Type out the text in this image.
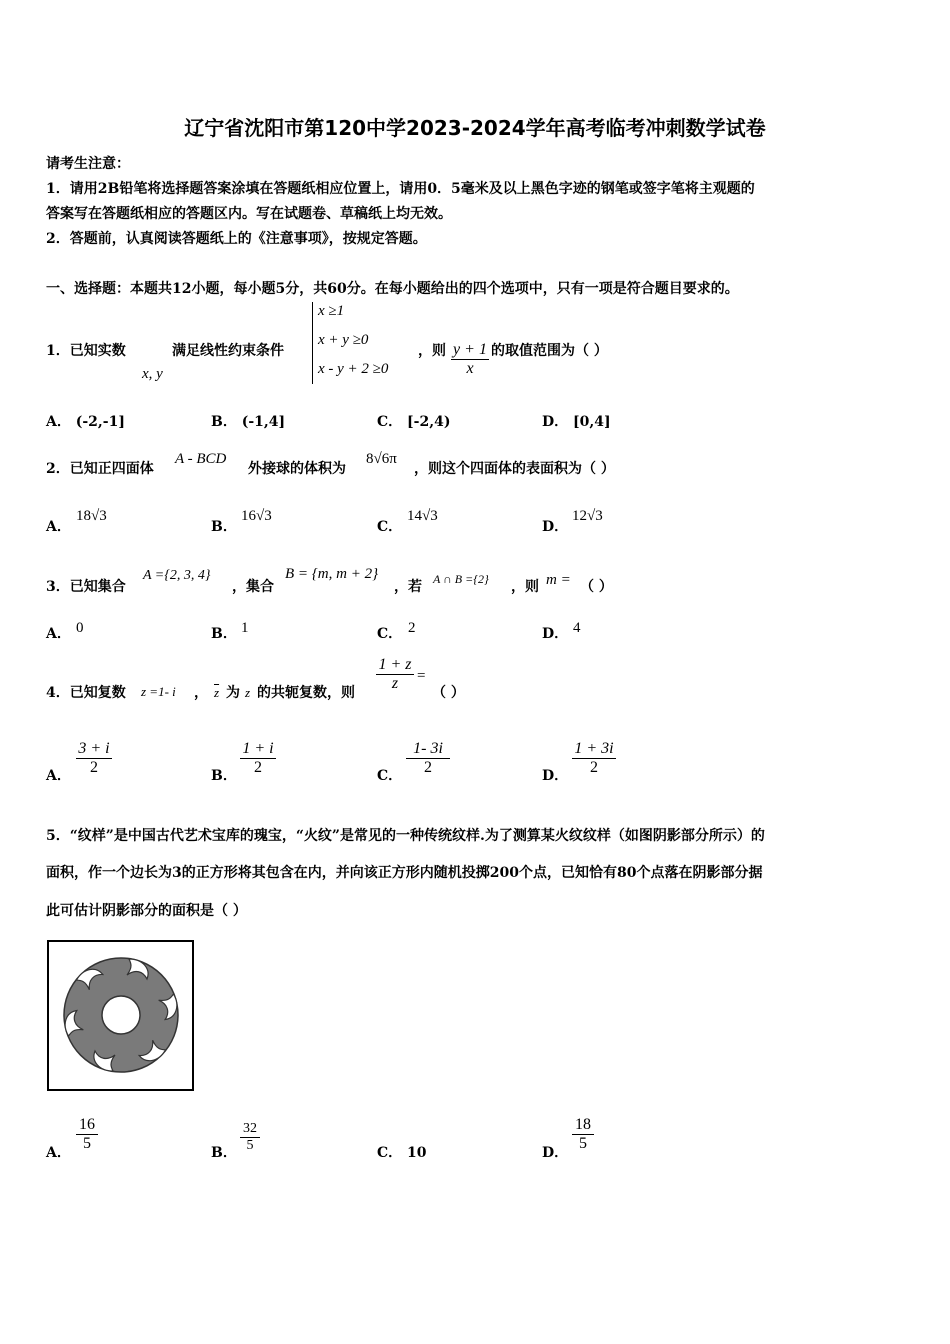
辽宁省沈阳市第120中学2023-2024学年高考临考冲刺数学试卷
请考生注意：
1．请用2B铅笔将选择题答案涂填在答题纸相应位置上，请用0．5毫米及以上黑色字迹的钢笔或签字笔将主观题的
答案写在答题纸相应的答题区内。写在试题卷、草稿纸上均无效。
2．答题前，认真阅读答题纸上的《注意事项》，按规定答题。
一、选择题：本题共12小题，每小题5分，共60分。在每小题给出的四个选项中，只有一项是符合题目要求的。
1．已知实数
x, y
满足线性约束条件
x ≥1
x + y ≥0
x - y + 2 ≥0
，则 $\frac{y + 1}{x}$ 的取值范围为（ ）
A． (-2,-1]	B． (-1,4]	C． [-2,4)	D． [0,4]
2．已知正四面体
A - BCD
外接球的体积为
8√6π
，则这个四面体的表面积为（ ）
A．
18√3
B．
16√3
C．
14√3
D．
12√3
3．已知集合
A ={2, 3, 4}
，集合
B = {m, m + 2}
，若 A ∩ B ={2} ，则 m = （ ）
A． 0	B． 1	C． 2	D． 4
4．已知复数 z =1- i ， $\overline{z}$ 为 z 的共轭复数，则 $\frac{1 + z}{z}$ =
（ ）
A． $\frac{3 + i}{2}$	B． $\frac{1 + i}{2}$	C． $\frac{1- 3i}{2}$	D． $\frac{1 + 3i}{2}$
5．“纹样”是中国古代艺术宝库的瑰宝，“火纹”是常见的一种传统纹样.为了测算某火纹纹样（如图阴影部分所示）的
面积，作一个边长为3的正方形将其包含在内，并向该正方形内随机投掷200个点，已知恰有80个点落在阴影部分据
此可估计阴影部分的面积是（ ）
A． $\frac{16}{5}$	B． $\frac{32}{5}$	C． 10	D． $\frac{18}{5}$
